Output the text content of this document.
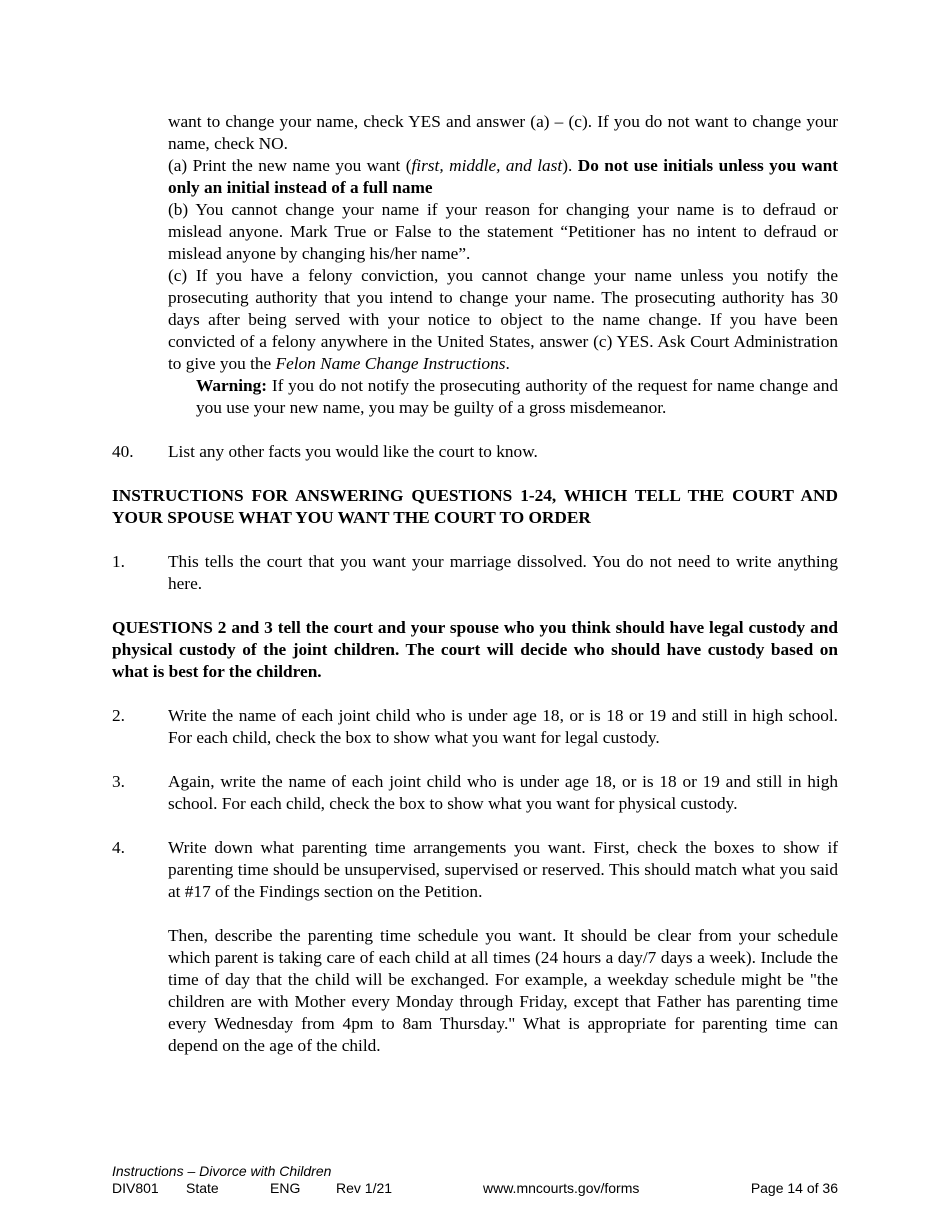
want to change your name, check YES and answer (a) – (c). If you do not want to change your name, check NO.

(a) Print the new name you want (first, middle, and last). Do not use initials unless you want only an initial instead of a full name

(b) You cannot change your name if your reason for changing your name is to defraud or mislead anyone. Mark True or False to the statement “Petitioner has no intent to defraud or mislead anyone by changing his/her name”.

(c) If you have a felony conviction, you cannot change your name unless you notify the prosecuting authority that you intend to change your name. The prosecuting authority has 30 days after being served with your notice to object to the name change. If you have been convicted of a felony anywhere in the United States, answer (c) YES. Ask Court Administration to give you the Felon Name Change Instructions.

Warning: If you do not notify the prosecuting authority of the request for name change and you use your new name, you may be guilty of a gross misdemeanor.

40.	List any other facts you would like the court to know.

INSTRUCTIONS FOR ANSWERING QUESTIONS 1-24, WHICH TELL THE COURT AND YOUR SPOUSE WHAT YOU WANT THE COURT TO ORDER

1.	This tells the court that you want your marriage dissolved. You do not need to write anything here.

QUESTIONS 2 and 3 tell the court and your spouse who you think should have legal custody and physical custody of the joint children. The court will decide who should have custody based on what is best for the children.

2.	Write the name of each joint child who is under age 18, or is 18 or 19 and still in high school. For each child, check the box to show what you want for legal custody.
3.	Again, write the name of each joint child who is under age 18, or is 18 or 19 and still in high school. For each child, check the box to show what you want for physical custody.
4.	Write down what parenting time arrangements you want. First, check the boxes to show if parenting time should be unsupervised, supervised or reserved. This should match what you said at #17 of the Findings section on the Petition.

Then, describe the parenting time schedule you want. It should be clear from your schedule which parent is taking care of each child at all times (24 hours a day/7 days a week). Include the time of day that the child will be exchanged. For example, a weekday schedule might be "the children are with Mother every Monday through Friday, except that Father has parenting time every Wednesday from 4pm to 8am Thursday." What is appropriate for parenting time can depend on the age of the child.

Instructions – Divorce with Children
DIV801 State	ENG	Rev 1/21	www.mncourts.gov/forms	Page 14 of 36
